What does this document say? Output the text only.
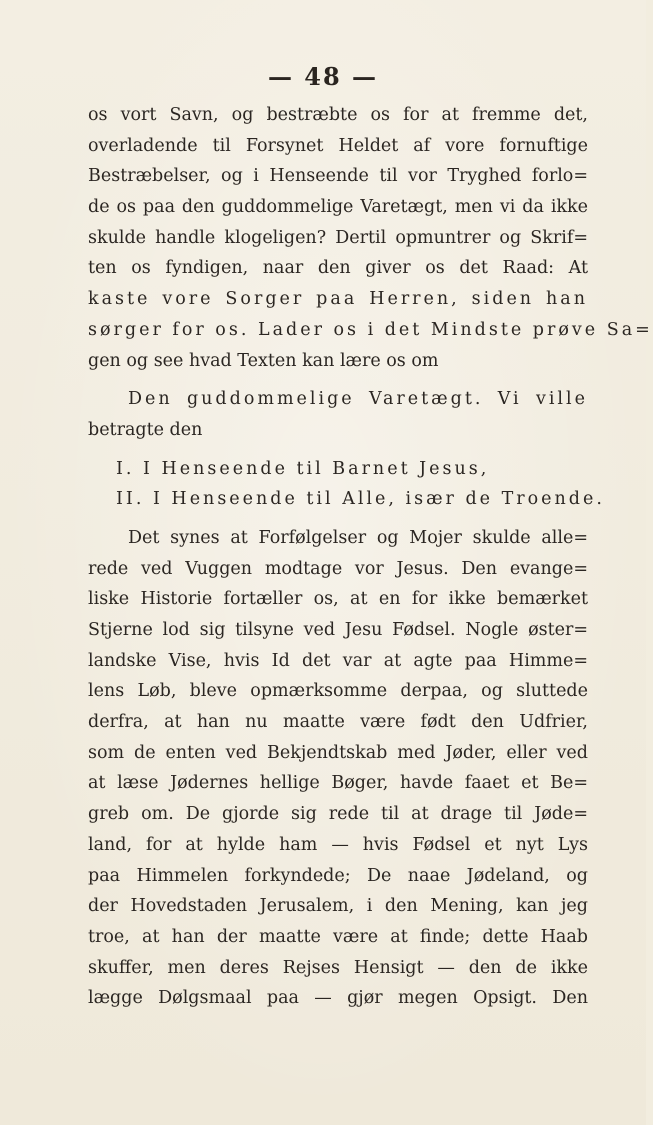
— 48 —
os vort Savn, og bestræbte os for at fremme det,
overladende til Forsynet Heldet af vore fornuftige
Bestræbelser, og i Henseende til vor Tryghed forlo=
de os paa den guddommelige Varetægt, men vi da ikke
skulde handle klogeligen? Dertil opmuntrer og Skrif=
ten os fyndigen, naar den giver os det Raad: At
kaste vore Sorger paa Herren, siden han
sørger for os. Lader os i det Mindste prøve Sa=
gen og see hvad Texten kan lære os om
Den guddommelige Varetægt. Vi ville
betragte den
I. I Henseende til Barnet Jesus,
II. I Henseende til Alle, især de Troende.
Det synes at Forfølgelser og Mojer skulde alle=
rede ved Vuggen modtage vor Jesus. Den evange=
liske Historie fortæller os, at en for ikke bemærket
Stjerne lod sig tilsyne ved Jesu Fødsel. Nogle øster=
landske Vise, hvis Id det var at agte paa Himme=
lens Løb, bleve opmærksomme derpaa, og sluttede
derfra, at han nu maatte være født den Udfrier,
som de enten ved Bekjendtskab med Jøder, eller ved
at læse Jødernes hellige Bøger, havde faaet et Be=
greb om. De gjorde sig rede til at drage til Jøde=
land, for at hylde ham — hvis Fødsel et nyt Lys
paa Himmelen forkyndede; De naae Jødeland, og
der Hovedstaden Jerusalem, i den Mening, kan jeg
troe, at han der maatte være at finde; dette Haab
skuffer, men deres Rejses Hensigt — den de ikke
lægge Dølgsmaal paa — gjør megen Opsigt. Den
